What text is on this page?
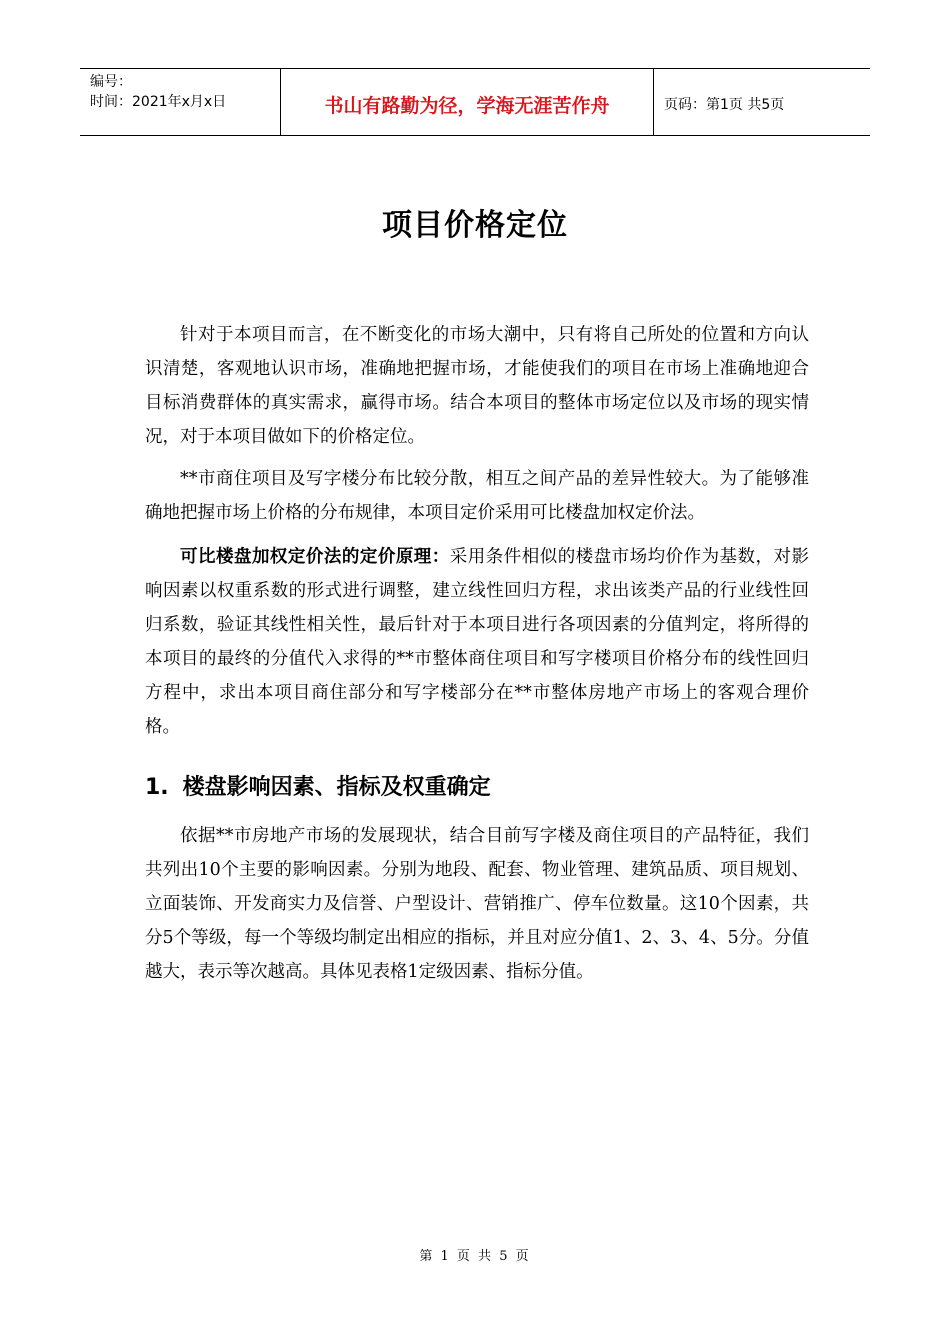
编号：
时间：2021年x月x日	书山有路勤为径，学海无涯苦作舟	页码：第1页 共5页
项目价格定位

针对于本项目而言，在不断变化的市场大潮中，只有将自己所处的位置和方向认识清楚，客观地认识市场，准确地把握市场，才能使我们的项目在市场上准确地迎合目标消费群体的真实需求，赢得市场。结合本项目的整体市场定位以及市场的现实情况，对于本项目做如下的价格定位。

**市商住项目及写字楼分布比较分散，相互之间产品的差异性较大。为了能够准确地把握市场上价格的分布规律，本项目定价采用可比楼盘加权定价法。

可比楼盘加权定价法的定价原理：采用条件相似的楼盘市场均价作为基数，对影响因素以权重系数的形式进行调整，建立线性回归方程，求出该类产品的行业线性回归系数，验证其线性相关性，最后针对于本项目进行各项因素的分值判定，将所得的本项目的最终的分值代入求得的**市整体商住项目和写字楼项目价格分布的线性回归方程中，求出本项目商住部分和写字楼部分在**市整体房地产市场上的客观合理价格。

1. 楼盘影响因素、指标及权重确定

依据**市房地产市场的发展现状，结合目前写字楼及商住项目的产品特征，我们共列出10个主要的影响因素。分别为地段、配套、物业管理、建筑品质、项目规划、立面装饰、开发商实力及信誉、户型设计、营销推广、停车位数量。这10个因素，共分5个等级，每一个等级均制定出相应的指标，并且对应分值1、2、3、4、5分。分值越大，表示等次越高。具体见表格1定级因素、指标分值。

第 1 页 共 5 页
